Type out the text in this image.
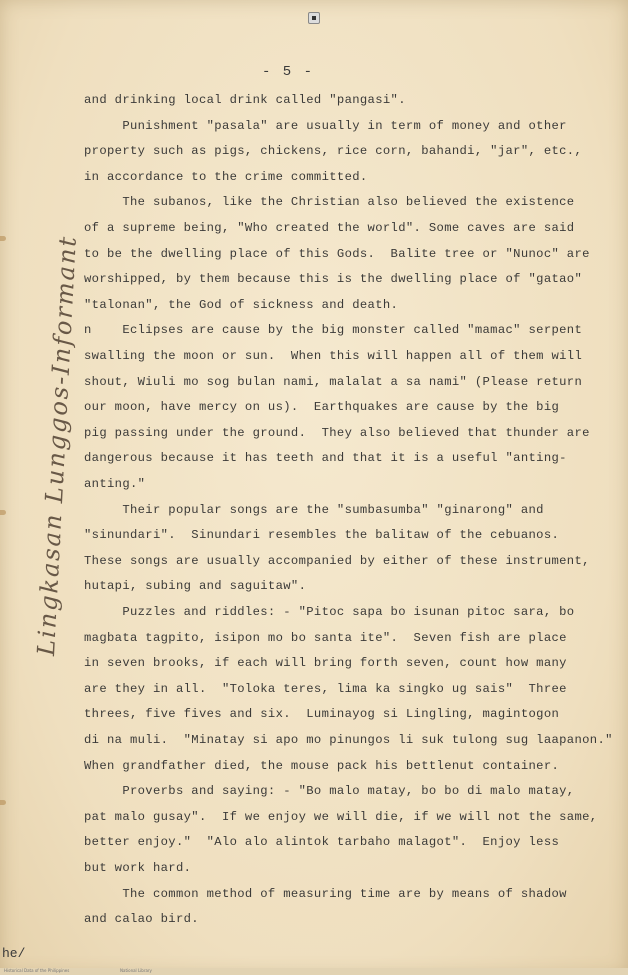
- 5 -
and drinking local drink called "pangasi".
Punishment "pasala" are usually in term of money and other
property such as pigs, chickens, rice corn, bahandi, "jar", etc.,
in accordance to the crime committed.
The subanos, like the Christian also believed the existence
of a supreme being, "Who created the world". Some caves are said
to be the dwelling place of this Gods.  Balite tree or "Nunoc" are
worshipped, by them because this is the dwelling place of "gatao"
"talonan", the God of sickness and death.
n    Eclipses are cause by the big monster called "mamac" serpent
swalling the moon or sun.  When this will happen all of them will
shout, Wiuli mo sog bulan nami, malalat a sa nami" (Please return
our moon, have mercy on us).  Earthquakes are cause by the big
pig passing under the ground.  They also believed that thunder are
dangerous because it has teeth and that it is a useful "anting-
anting."
Their popular songs are the "sumbasumba" "ginarong" and
"sinundari".  Sinundari resembles the balitaw of the cebuanos.
These songs are usually accompanied by either of these instrument,
hutapi, subing and saguitaw".
Puzzles and riddles: - "Pitoc sapa bo isunan pitoc sara, bo
magbata tagpito, isipon mo bo santa ite".  Seven fish are place
in seven brooks, if each will bring forth seven, count how many
are they in all.  "Toloka teres, lima ka singko ug sais"  Three
threes, five fives and six.  Luminayog si Lingling, magintogon
di na muli.  "Minatay si apo mo pinungos li suk tulong sug laapanon."
When grandfather died, the mouse pack his bettlenut container.
Proverbs and saying: - "Bo malo matay, bo bo di malo matay,
pat malo gusay".  If we enjoy we will die, if we will not the same,
better enjoy."  "Alo alo alintok tarbaho malagot".  Enjoy less
but work hard.
The common method of measuring time are by means of shadow
and calao bird.
Lingkasan Lunggos-Informant
he/
Historical Data of the Philippines	National Library
